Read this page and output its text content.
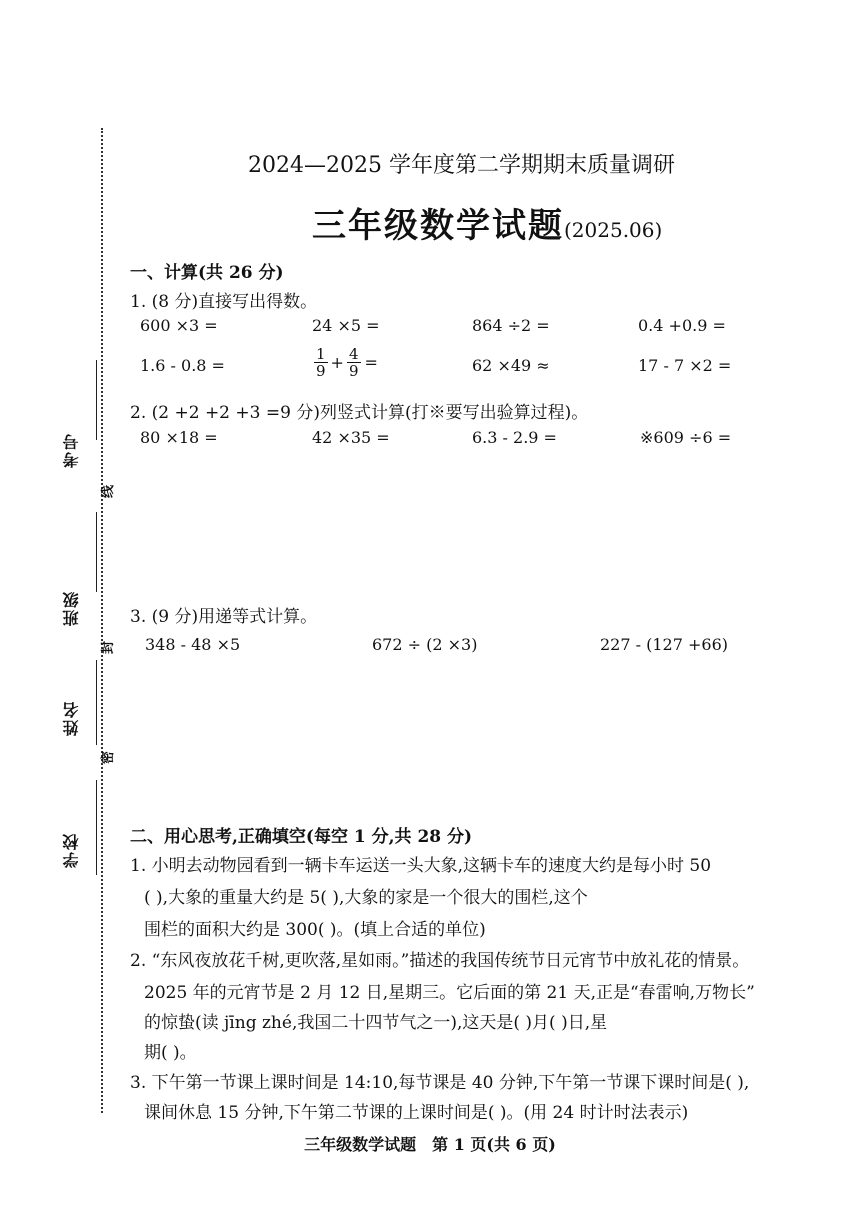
考号
线
班级
封
姓名
密
学校
2024—2025 学年度第二学期期末质量调研
三年级数学试题(2025.06)
一、计算(共 26 分)
1. (8 分)直接写出得数。
600 ×3 =	24 ×5 =	864 ÷2 =	0.4 +0.9 =
1.6 - 0.8 =	$\frac{1}{9} + \frac{4}{9}$ =	62 ×49 ≈	17 - 7 ×2 =
2. (2 +2 +2 +3 =9 分)列竖式计算(打※要写出验算过程)。
80 ×18 =	42 ×35 =	6.3 - 2.9 =	※609 ÷6 =
3. (9 分)用递等式计算。
348 - 48 ×5	672 ÷ (2 ×3)	227 - (127 +66)
二、用心思考,正确填空(每空 1 分,共 28 分)
1. 小明去动物园看到一辆卡车运送一头大象,这辆卡车的速度大约是每小时 50
( ),大象的重量大约是 5( ),大象的家是一个很大的围栏,这个
围栏的面积大约是 300( )。(填上合适的单位)
2. “东风夜放花千树,更吹落,星如雨。”描述的我国传统节日元宵节中放礼花的情景。
2025 年的元宵节是 2 月 12 日,星期三。它后面的第 21 天,正是“春雷响,万物长”
的惊蛰(读 jīng zhé,我国二十四节气之一),这天是( )月( )日,星
期( )。
3. 下午第一节课上课时间是 14:10,每节课是 40 分钟,下午第一节课下课时间是( ),
课间休息 15 分钟,下午第二节课的上课时间是( )。(用 24 时计时法表示)
三年级数学试题　第 1 页(共 6 页)
